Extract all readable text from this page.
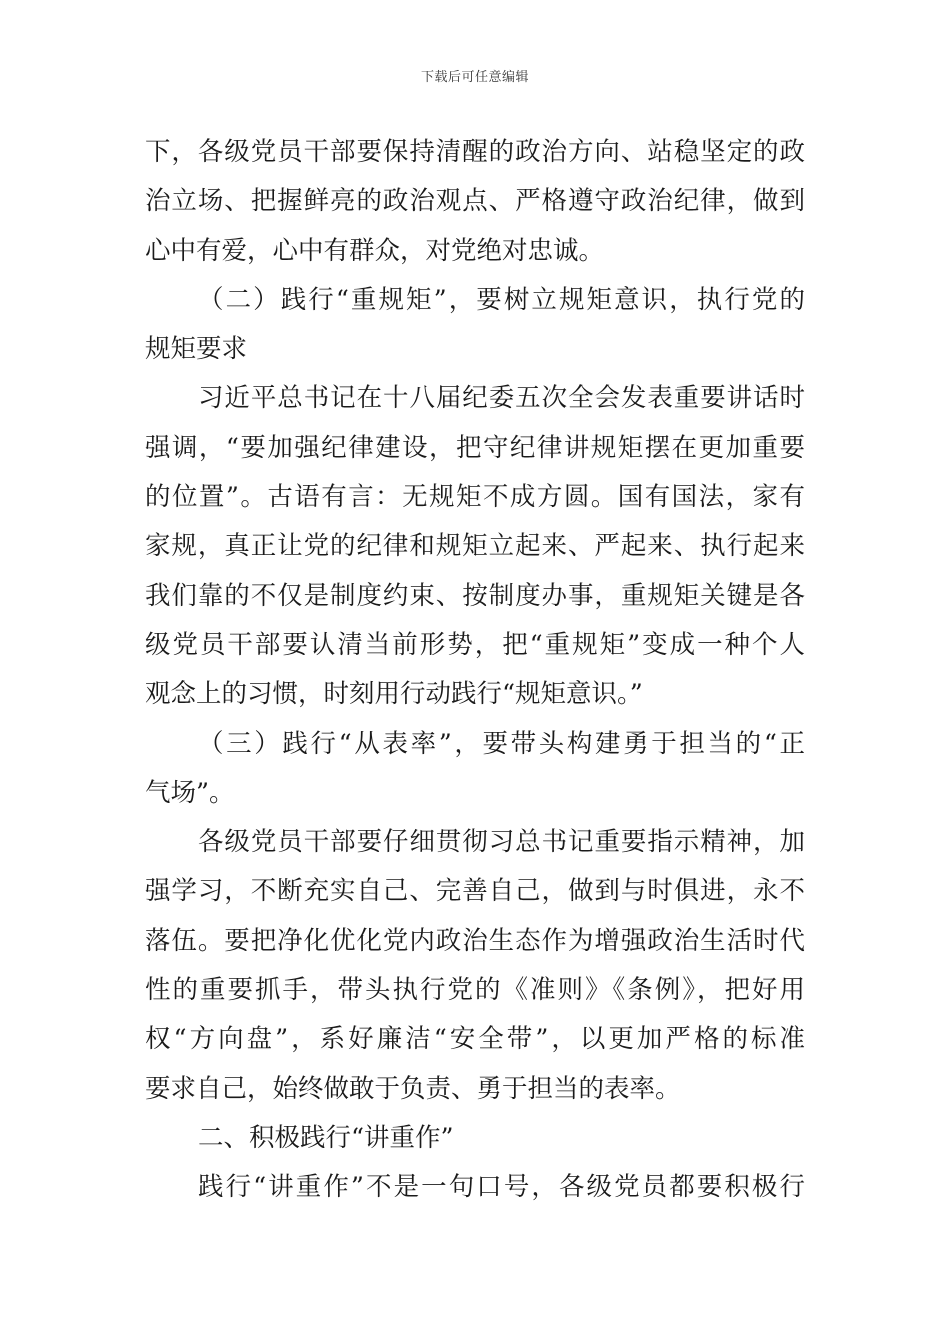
下载后可任意编辑
下，各级党员干部要保持清醒的政治方向、站稳坚定的政
治立场、把握鲜亮的政治观点、严格遵守政治纪律，做到
心中有爱，心中有群众，对党绝对忠诚。
（二）践行“重规矩”，要树立规矩意识，执行党的
规矩要求
习近平总书记在十八届纪委五次全会发表重要讲话时
强调，“要加强纪律建设，把守纪律讲规矩摆在更加重要
的位置”。古语有言：无规矩不成方圆。国有国法，家有
家规，真正让党的纪律和规矩立起来、严起来、执行起来
我们靠的不仅是制度约束、按制度办事，重规矩关键是各
级党员干部要认清当前形势，把“重规矩”变成一种个人
观念上的习惯，时刻用行动践行“规矩意识。”
（三）践行“从表率”，要带头构建勇于担当的“正
气场”。
各级党员干部要仔细贯彻习总书记重要指示精神，加
强学习，不断充实自己、完善自己，做到与时俱进，永不
落伍。要把净化优化党内政治生态作为增强政治生活时代
性的重要抓手，带头执行党的《准则》《条例》，把好用
权“方向盘”，系好廉洁“安全带”，以更加严格的标准
要求自己，始终做敢于负责、勇于担当的表率。
二、积极践行“讲重作”
践行“讲重作”不是一句口号，各级党员都要积极行
